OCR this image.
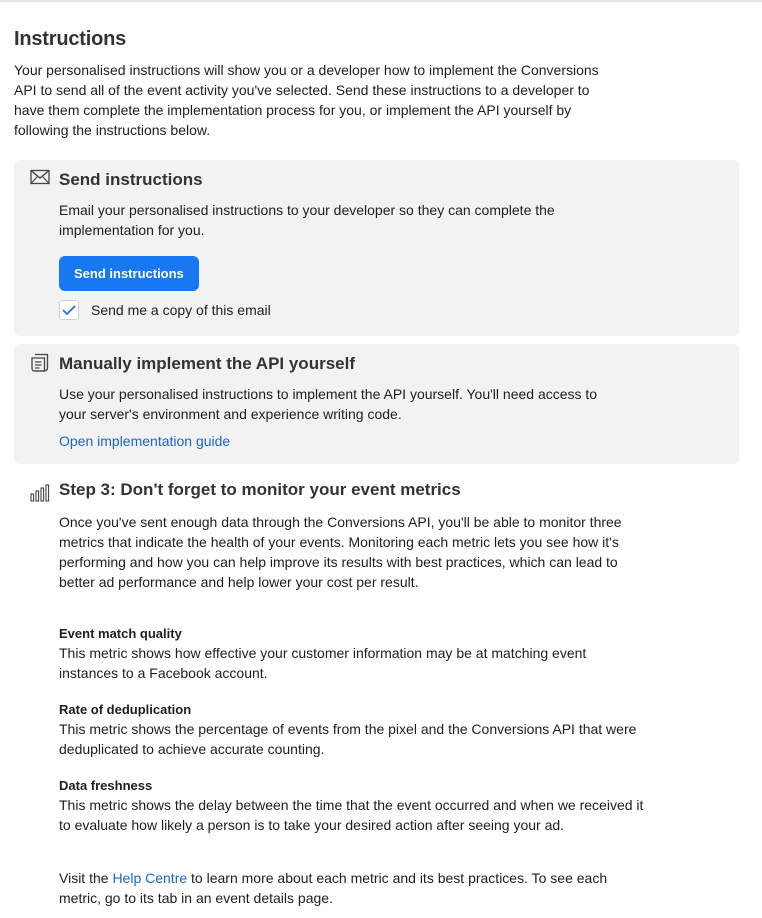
Instructions

Your personalised instructions will show you or a developer how to implement the Conversions API to send all of the event activity you've selected. Send these instructions to a developer to have them complete the implementation process for you, or implement the API yourself by following the instructions below.

Send instructions

Email your personalised instructions to your developer so they can complete the implementation for you.

Send instructions
Send me a copy of this email
Manually implement the API yourself

Use your personalised instructions to implement the API yourself. You'll need access to your server's environment and experience writing code.

Open implementation guide
Step 3: Don't forget to monitor your event metrics

Once you've sent enough data through the Conversions API, you'll be able to monitor three metrics that indicate the health of your events. Monitoring each metric lets you see how it's performing and how you can help improve its results with best practices, which can lead to better ad performance and help lower your cost per result.

Event match quality

This metric shows how effective your customer information may be at matching event instances to a Facebook account.

Rate of deduplication

This metric shows the percentage of events from the pixel and the Conversions API that were deduplicated to achieve accurate counting.

Data freshness

This metric shows the delay between the time that the event occurred and when we received it to evaluate how likely a person is to take your desired action after seeing your ad.

Visit the Help Centre to learn more about each metric and its best practices. To see each metric, go to its tab in an event details page.
